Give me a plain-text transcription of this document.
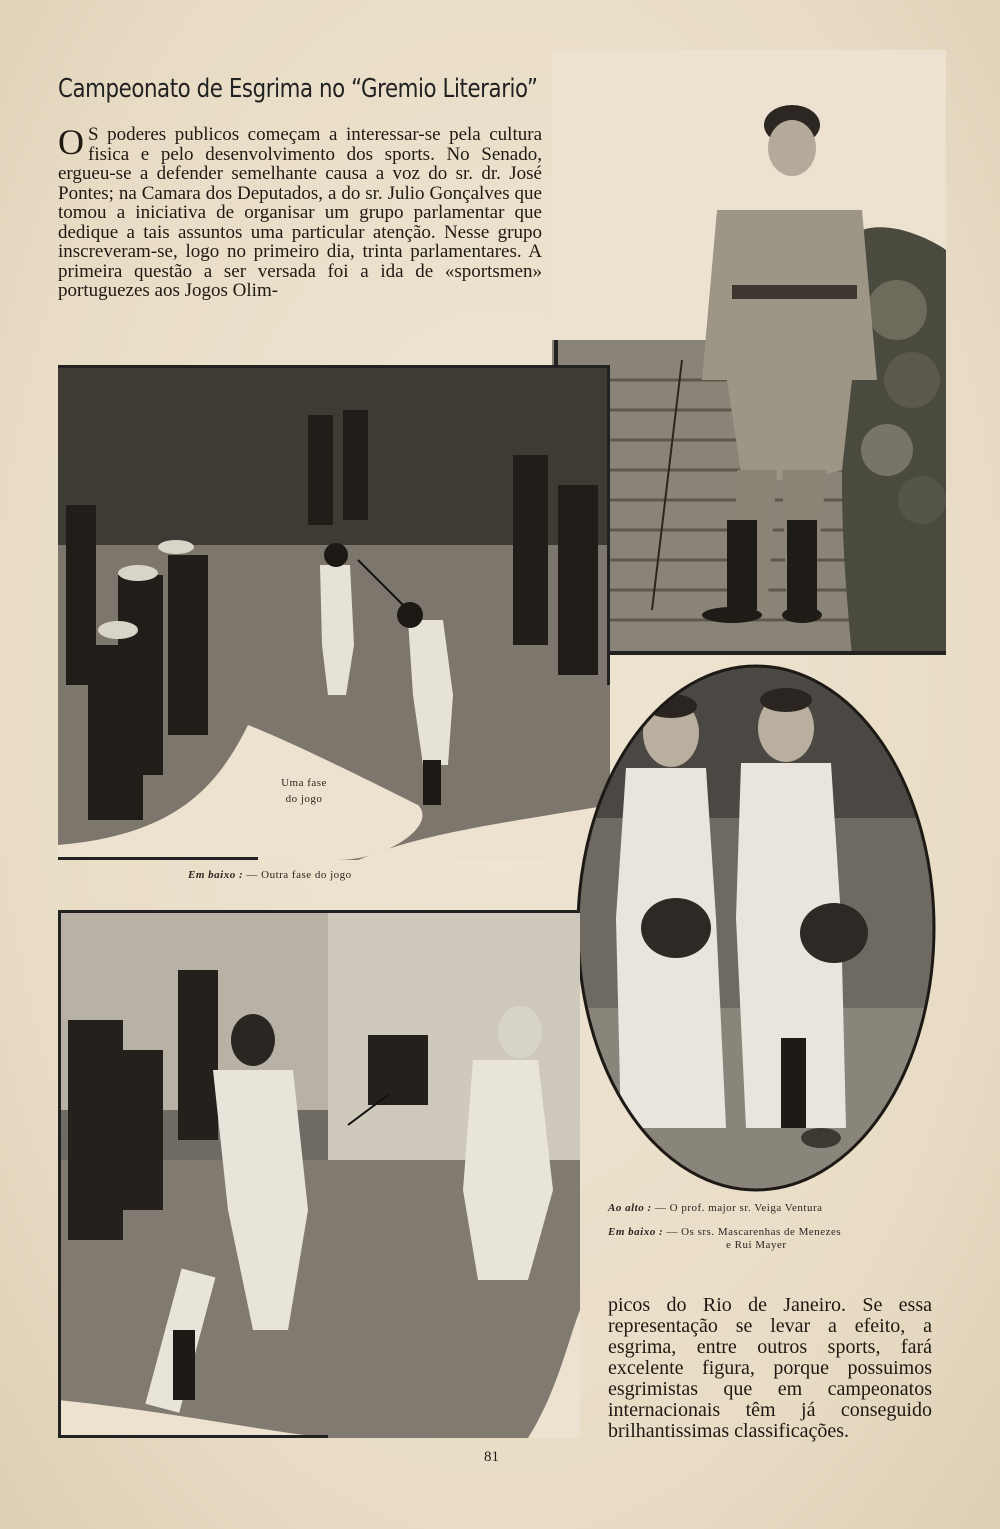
Campeonato de Esgrima no “Gremio Literario”
O S poderes publicos começam a interessar-se pela cultura fisica e pelo desenvolvimento dos sports. No Senado, ergueu-se a defender semelhante causa a voz do sr. dr. José Pontes; na Camara dos Deputados, a do sr. Julio Gonçalves que tomou a iniciativa de organisar um grupo parlamentar que dedique a tais assuntos uma particular atenção. Nesse grupo inscreveram-se, logo no primeiro dia, trinta parlamentares. A primeira questão a ser versada foi a ida de «sportsmen» portuguezes aos Jogos Olim-
Uma fase
do jogo
Em baixo : — Outra fase do jogo
Ao alto : — O prof. major sr. Veiga Ventura
Em baixo : — Os srs. Mascarenhas de Menezes
e Rui Mayer
picos do Rio de Janeiro. Se essa representação se levar a efeito, a esgrima, entre outros sports, fará excelente figura, porque possuimos esgrimistas que em campeonatos internacionais têm já conseguido brilhantissimas classificações.
81
